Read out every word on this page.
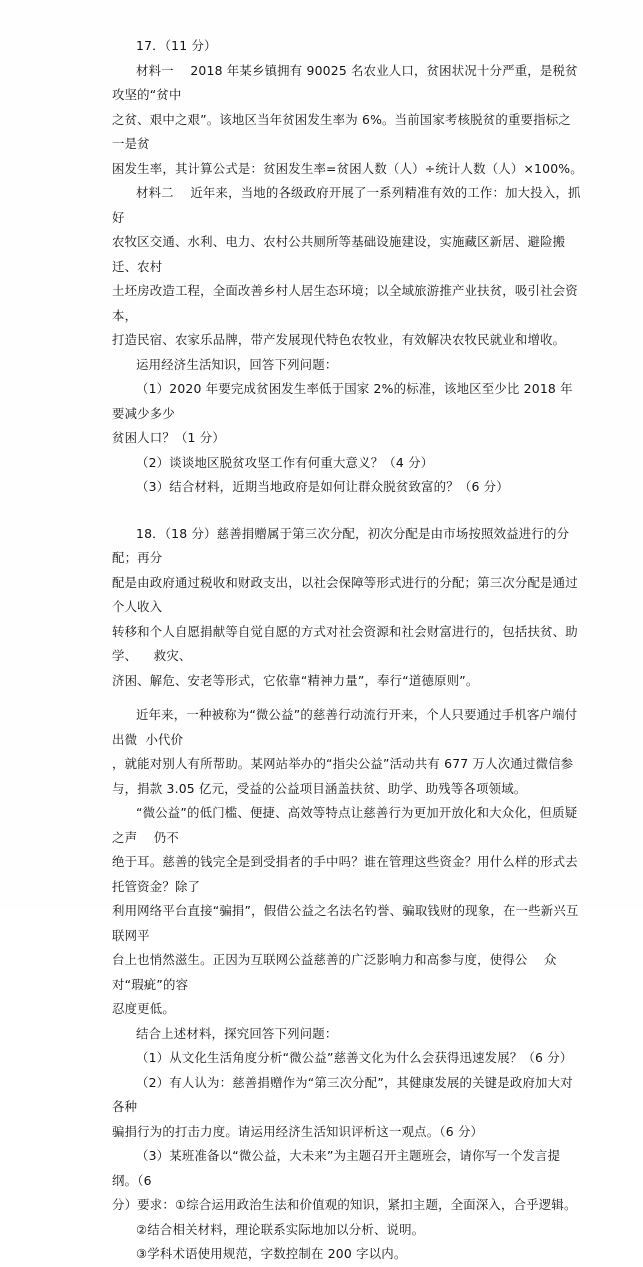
17．（11 分）
材料一    2018 年某乡镇拥有 90025 名农业人口，贫困状况十分严重，是税贫攻坚的“贫中
之贫、艰中之艰”。该地区当年贫困发生率为 6%。当前国家考核脱贫的重要指标之一是贫
困发生率，其计算公式是：贫困发生率=贫困人数（人）÷统计人数（人）×100%。
材料二    近年来，当地的各级政府开展了一系列精准有效的工作：加大投入，抓好
农牧区交通、水利、电力、农村公共厕所等基础设施建设，实施藏区新居、避险搬迁、农村
土坯房改造工程，全面改善乡村人居生态环境；以全域旅游推产业扶贫，吸引社会资本，
打造民宿、农家乐品牌，带产发展现代特色农牧业，有效解决农牧民就业和增收。
运用经济生活知识，回答下列问题：
（1）2020 年要完成贫困发生率低于国家 2%的标准，该地区至少比 2018 年要减少多少
贫困人口？（1 分）
（2）谈谈地区脱贫攻坚工作有何重大意义？（4 分）
（3）结合材料，近期当地政府是如何让群众脱贫致富的？（6 分）
18．（18 分）慈善捐赠属于第三次分配，初次分配是由市场按照效益进行的分配；再分
配是由政府通过税收和财政支出，以社会保障等形式进行的分配；第三次分配是通过个人收入
转移和个人自愿捐献等自觉自愿的方式对社会资源和社会财富进行的，包括扶贫、助学、    救灾、
济困、解危、安老等形式，它依靠“精神力量”，奉行“道德原则”。
近年来，一种被称为“微公益”的慈善行动流行开来，个人只要通过手机客户端付出微  小代价
，就能对别人有所帮助。某网站举办的“指尖公益”活动共有 677 万人次通过微信参
与，捐款 3.05 亿元，受益的公益项目涵盖扶贫、助学、助残等各项领域。
“微公益”的低门槛、便捷、高效等特点让慈善行为更加开放化和大众化，但质疑之声    仍不
绝于耳。慈善的钱完全是到受捐者的手中吗？谁在管理这些资金？用什么样的形式去托管资金？除了
利用网络平台直接“骗捐”，假借公益之名法名钓誉、骗取钱财的现象，在一些新兴互联网平
台上也悄然滋生。正因为互联网公益慈善的广泛影响力和高参与度，使得公    众对“瑕疵”的容
忍度更低。
结合上述材料，探究回答下列问题：
（1）从文化生活角度分析“微公益”慈善文化为什么会获得迅速发展？（6 分）
（2）有人认为：慈善捐赠作为“第三次分配”，其健康发展的关键是政府加大对各种
骗捐行为的打击力度。请运用经济生活知识评析这一观点。（6 分）
（3）某班准备以“微公益，大未来”为主题召开主题班会，请你写一个发言提纲。（6
分）要求：①综合运用政治生法和价值观的知识，紧扣主题，全面深入，合乎逻辑。
②结合相关材料，理论联系实际地加以分析、说明。
③学科术语使用规范，字数控制在 200 字以内。
